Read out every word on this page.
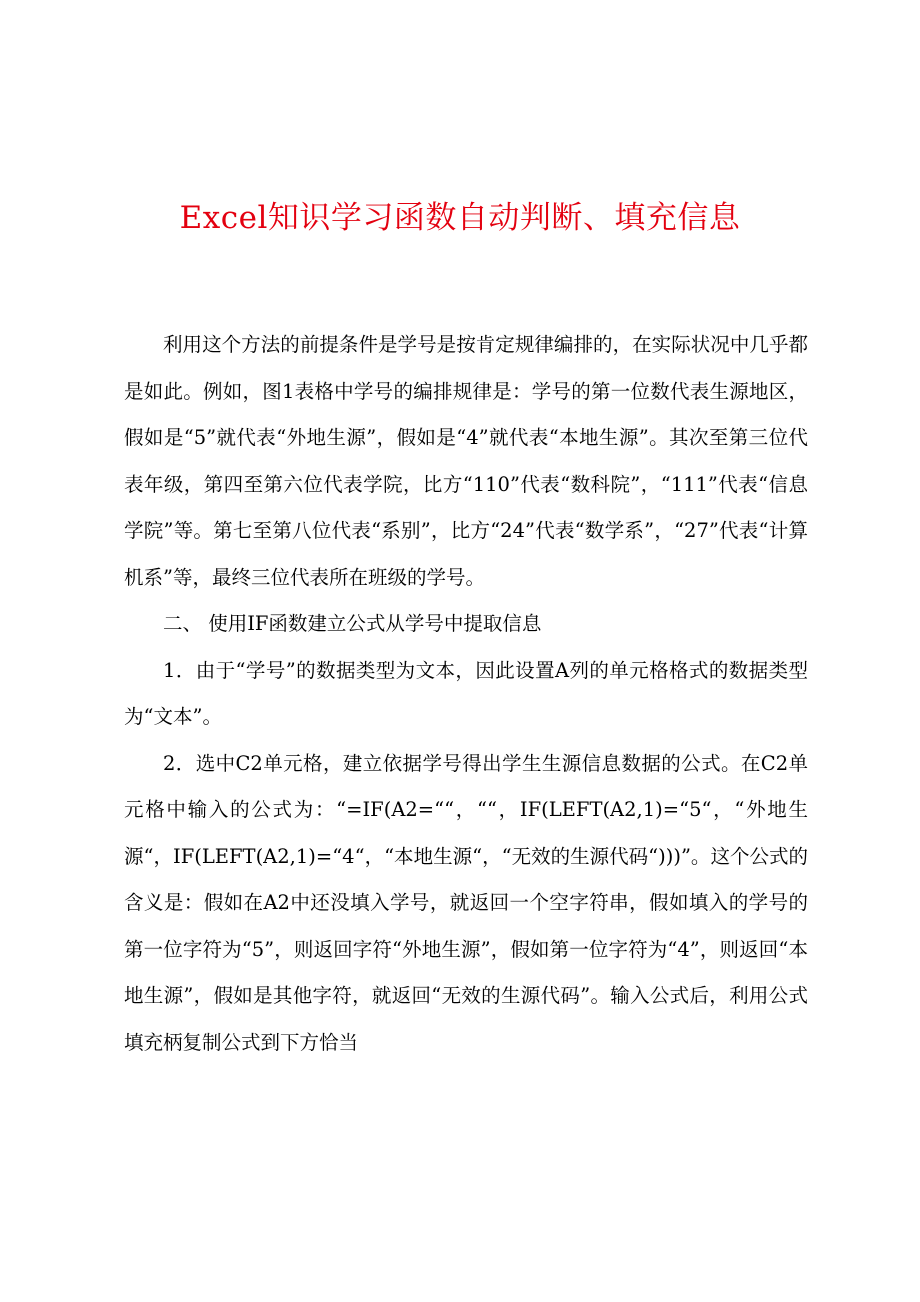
Excel知识学习函数自动判断、填充信息

利用这个方法的前提条件是学号是按肯定规律编排的，在实际状况中几乎都是如此。例如，图1表格中学号的编排规律是：学号的第一位数代表生源地区，假如是“5”就代表“外地生源”，假如是“4”就代表“本地生源”。其次至第三位代表年级，第四至第六位代表学院，比方“110”代表“数科院”，“111”代表“信息学院”等。第七至第八位代表“系别”，比方“24”代表“数学系”，“27”代表“计算机系”等，最终三位代表所在班级的学号。

二、 使用IF函数建立公式从学号中提取信息

1．由于“学号”的数据类型为文本，因此设置A列的单元格格式的数据类型为“文本”。

2．选中C2单元格，建立依据学号得出学生生源信息数据的公式。在C2单元格中输入的公式为：“=IF(A2=““，““，IF(LEFT(A2,1)=“5“，“外地生源“，IF(LEFT(A2,1)=“4“，“本地生源“，“无效的生源代码“)))”。这个公式的含义是：假如在A2中还没填入学号，就返回一个空字符串，假如填入的学号的第一位字符为“5”，则返回字符“外地生源”，假如第一位字符为“4”，则返回“本地生源”，假如是其他字符，就返回“无效的生源代码”。输入公式后，利用公式填充柄复制公式到下方恰当
